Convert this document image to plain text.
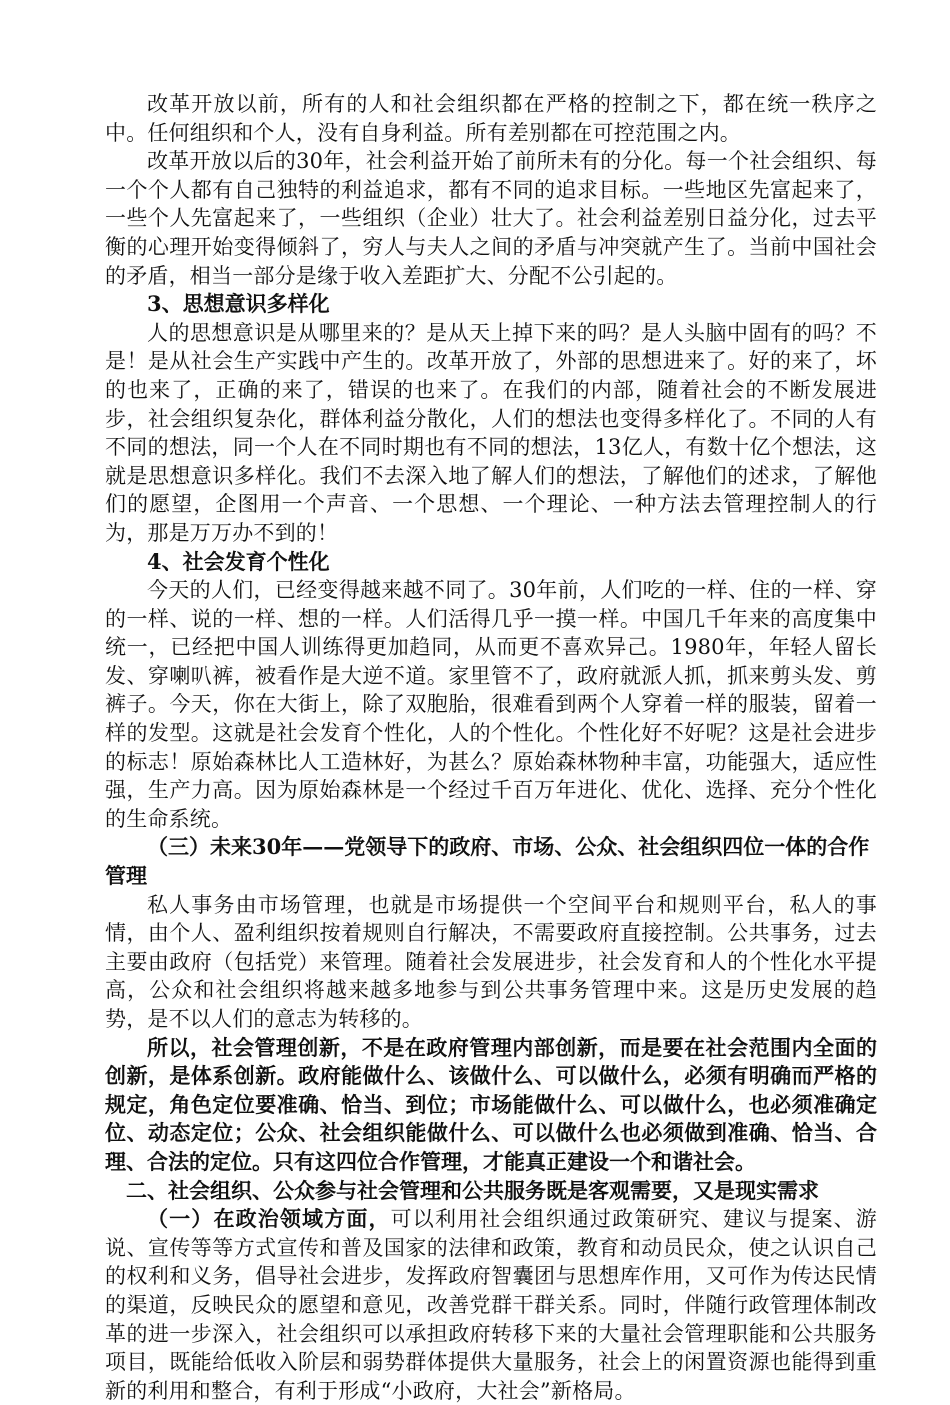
改革开放以前，所有的人和社会组织都在严格的控制之下，都在统一秩序之中。任何组织和个人，没有自身利益。所有差别都在可控范围之内。

改革开放以后的30年，社会利益开始了前所未有的分化。每一个社会组织、每一个个人都有自己独特的利益追求，都有不同的追求目标。一些地区先富起来了，一些个人先富起来了，一些组织（企业）壮大了。社会利益差别日益分化，过去平衡的心理开始变得倾斜了，穷人与夫人之间的矛盾与冲突就产生了。当前中国社会的矛盾，相当一部分是缘于收入差距扩大、分配不公引起的。

3、思想意识多样化

人的思想意识是从哪里来的？是从天上掉下来的吗？是人头脑中固有的吗？不是！是从社会生产实践中产生的。改革开放了，外部的思想进来了。好的来了，坏的也来了，正确的来了，错误的也来了。在我们的内部，随着社会的不断发展进步，社会组织复杂化，群体利益分散化，人们的想法也变得多样化了。不同的人有不同的想法，同一个人在不同时期也有不同的想法，13亿人，有数十亿个想法，这就是思想意识多样化。我们不去深入地了解人们的想法，了解他们的述求，了解他们的愿望，企图用一个声音、一个思想、一个理论、一种方法去管理控制人的行为，那是万万办不到的！

4、社会发育个性化

今天的人们，已经变得越来越不同了。30年前，人们吃的一样、住的一样、穿的一样、说的一样、想的一样。人们活得几乎一摸一样。中国几千年来的高度集中统一，已经把中国人训练得更加趋同，从而更不喜欢异己。1980年，年轻人留长发、穿喇叭裤，被看作是大逆不道。家里管不了，政府就派人抓，抓来剪头发、剪裤子。今天，你在大街上，除了双胞胎，很难看到两个人穿着一样的服装，留着一样的发型。这就是社会发育个性化，人的个性化。个性化好不好呢？这是社会进步的标志！原始森林比人工造林好，为甚么？原始森林物种丰富，功能强大，适应性强，生产力高。因为原始森林是一个经过千百万年进化、优化、选择、充分个性化的生命系统。

（三）未来30年——党领导下的政府、市场、公众、社会组织四位一体的合作管理

私人事务由市场管理，也就是市场提供一个空间平台和规则平台，私人的事情，由个人、盈利组织按着规则自行解决，不需要政府直接控制。公共事务，过去主要由政府（包括党）来管理。随着社会发展进步，社会发育和人的个性化水平提高，公众和社会组织将越来越多地参与到公共事务管理中来。这是历史发展的趋势，是不以人们的意志为转移的。

所以，社会管理创新，不是在政府管理内部创新，而是要在社会范围内全面的创新，是体系创新。政府能做什么、该做什么、可以做什么，必须有明确而严格的规定，角色定位要准确、恰当、到位；市场能做什么、可以做什么，也必须准确定位、动态定位；公众、社会组织能做什么、可以做什么也必须做到准确、恰当、合理、合法的定位。只有这四位合作管理，才能真正建设一个和谐社会。

二、社会组织、公众参与社会管理和公共服务既是客观需要，又是现实需求

（一）在政治领域方面，可以利用社会组织通过政策研究、建议与提案、游说、宣传等等方式宣传和普及国家的法律和政策，教育和动员民众，使之认识自己的权利和义务，倡导社会进步，发挥政府智囊团与思想库作用，又可作为传达民情的渠道，反映民众的愿望和意见，改善党群干群关系。同时，伴随行政管理体制改革的进一步深入，社会组织可以承担政府转移下来的大量社会管理职能和公共服务项目，既能给低收入阶层和弱势群体提供大量服务，社会上的闲置资源也能得到重新的利用和整合，有利于形成“小政府，大社会”新格局。
